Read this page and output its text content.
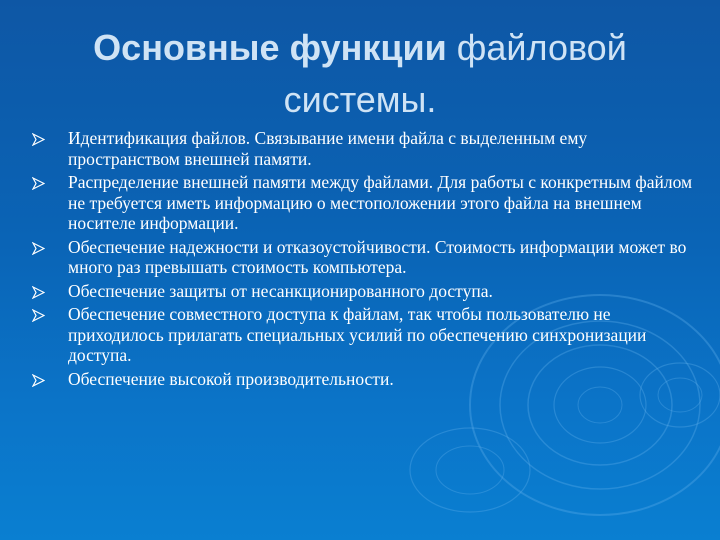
Основные функции файловой системы.
Идентификация файлов. Связывание имени файла с выделенным ему пространством внешней памяти.
Распределение внешней памяти между файлами. Для работы с конкретным файлом не требуется иметь информацию о местоположении этого файла на внешнем носителе информации.
Обеспечение надежности и отказоустойчивости. Стоимость информации может во много раз превышать стоимость компьютера.
Обеспечение защиты от несанкционированного доступа.
Обеспечение совместного доступа к файлам, так чтобы пользователю не приходилось прилагать специальных усилий по обеспечению синхронизации доступа.
Обеспечение высокой производительности.
